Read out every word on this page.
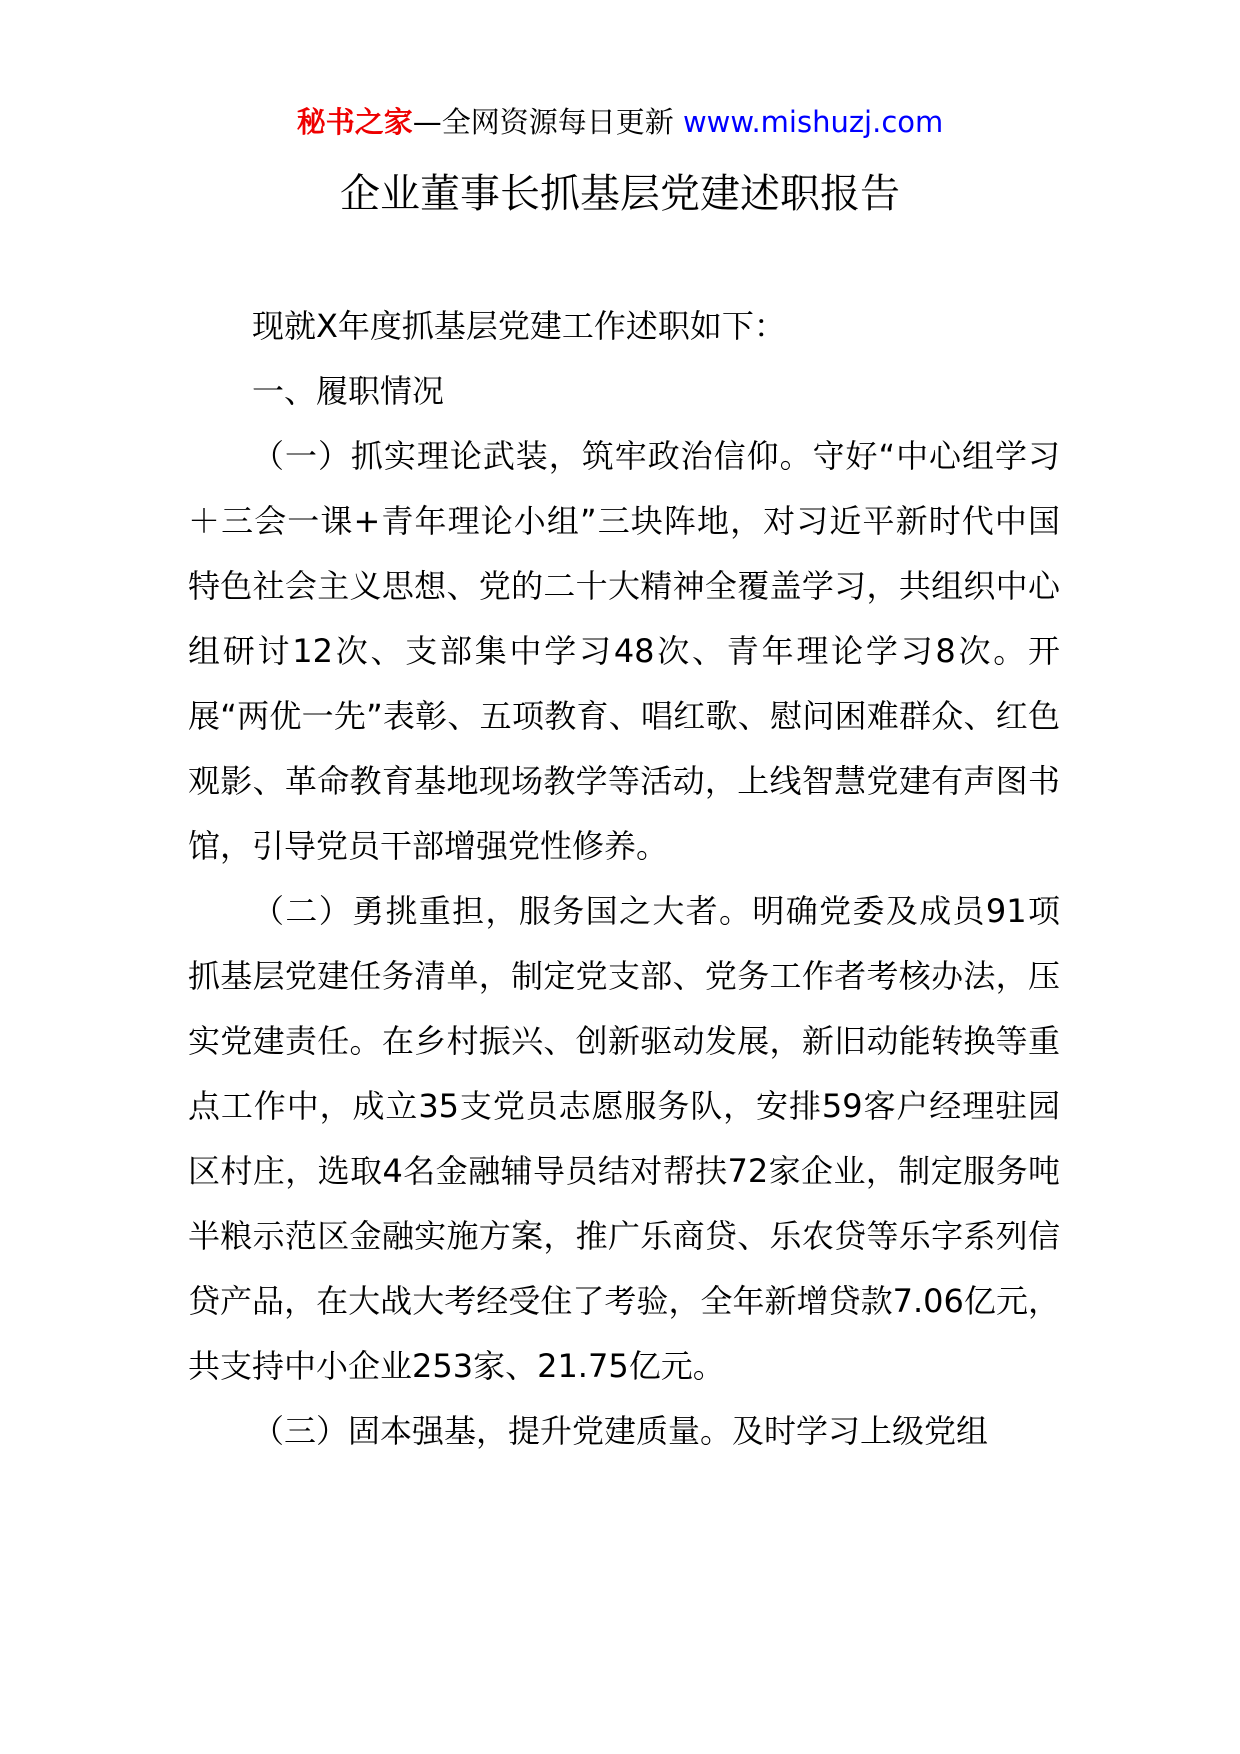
秘书之家—全网资源每日更新 www.mishuzj.com
企业董事长抓基层党建述职报告

现就X年度抓基层党建工作述职如下：

一、履职情况

（一）抓实理论武装，筑牢政治信仰。守好“中心组学习＋三会一课+青年理论小组”三块阵地，对习近平新时代中国特色社会主义思想、党的二十大精神全覆盖学习，共组织中心组研讨12次、支部集中学习48次、青年理论学习8次。开展“两优一先”表彰、五项教育、唱红歌、慰问困难群众、红色观影、革命教育基地现场教学等活动，上线智慧党建有声图书馆，引导党员干部增强党性修养。

（二）勇挑重担，服务国之大者。明确党委及成员91项抓基层党建任务清单，制定党支部、党务工作者考核办法，压实党建责任。在乡村振兴、创新驱动发展，新旧动能转换等重点工作中，成立35支党员志愿服务队，安排59客户经理驻园区村庄，选取4名金融辅导员结对帮扶72家企业，制定服务吨半粮示范区金融实施方案，推广乐商贷、乐农贷等乐字系列信贷产品，在大战大考经受住了考验，全年新增贷款7.06亿元，共支持中小企业253家、21.75亿元。

（三）固本强基，提升党建质量。及时学习上级党组
